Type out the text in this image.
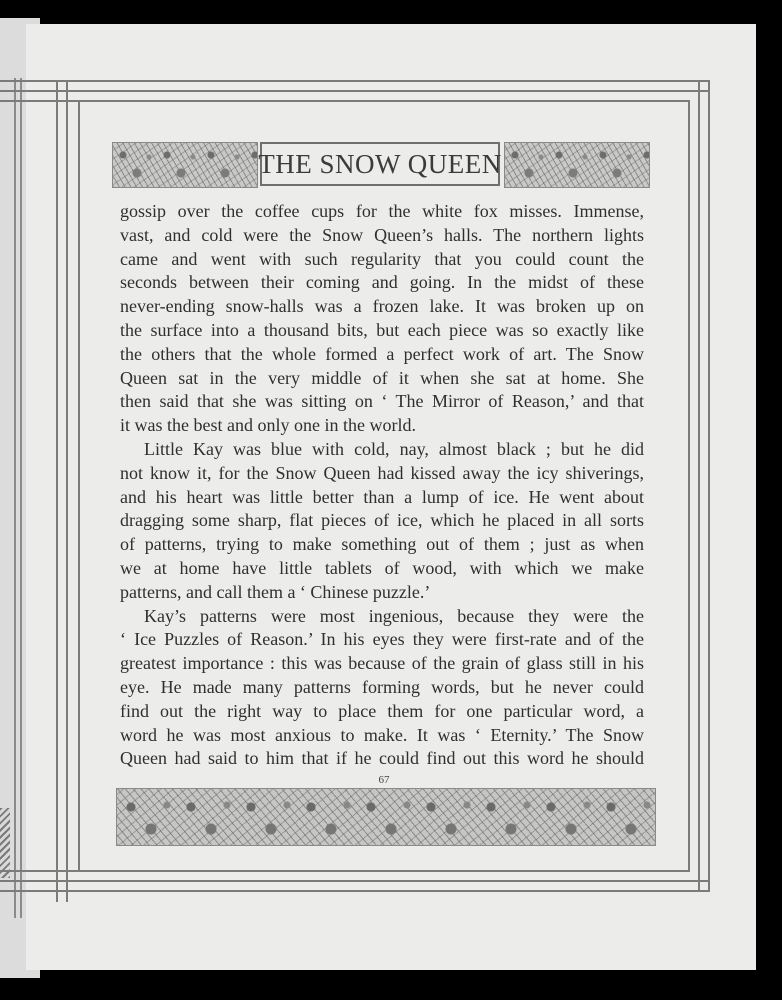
THE SNOW QUEEN
gossip over the coffee cups for the white fox misses. Immense,
vast, and cold were the Snow Queen’s halls. The northern lights
came and went with such regularity that you could count the
seconds between their coming and going. In the midst of these
never-ending snow-halls was a frozen lake. It was broken up on
the surface into a thousand bits, but each piece was so exactly like
the others that the whole formed a perfect work of art. The Snow
Queen sat in the very middle of it when she sat at home. She
then said that she was sitting on ‘ The Mirror of Reason,’ and that
it was the best and only one in the world.
Little Kay was blue with cold, nay, almost black ; but he did
not know it, for the Snow Queen had kissed away the icy shiverings,
and his heart was little better than a lump of ice. He went about
dragging some sharp, flat pieces of ice, which he placed in all sorts
of patterns, trying to make something out of them ; just as when
we at home have little tablets of wood, with which we make
patterns, and call them a ‘ Chinese puzzle.’
Kay’s patterns were most ingenious, because they were the
‘ Ice Puzzles of Reason.’ In his eyes they were first-rate and of the
greatest importance : this was because of the grain of glass still in his
eye. He made many patterns forming words, but he never could
find out the right way to place them for one particular word, a
word he was most anxious to make. It was ‘ Eternity.’ The Snow
Queen had said to him that if he could find out this word he should
67
